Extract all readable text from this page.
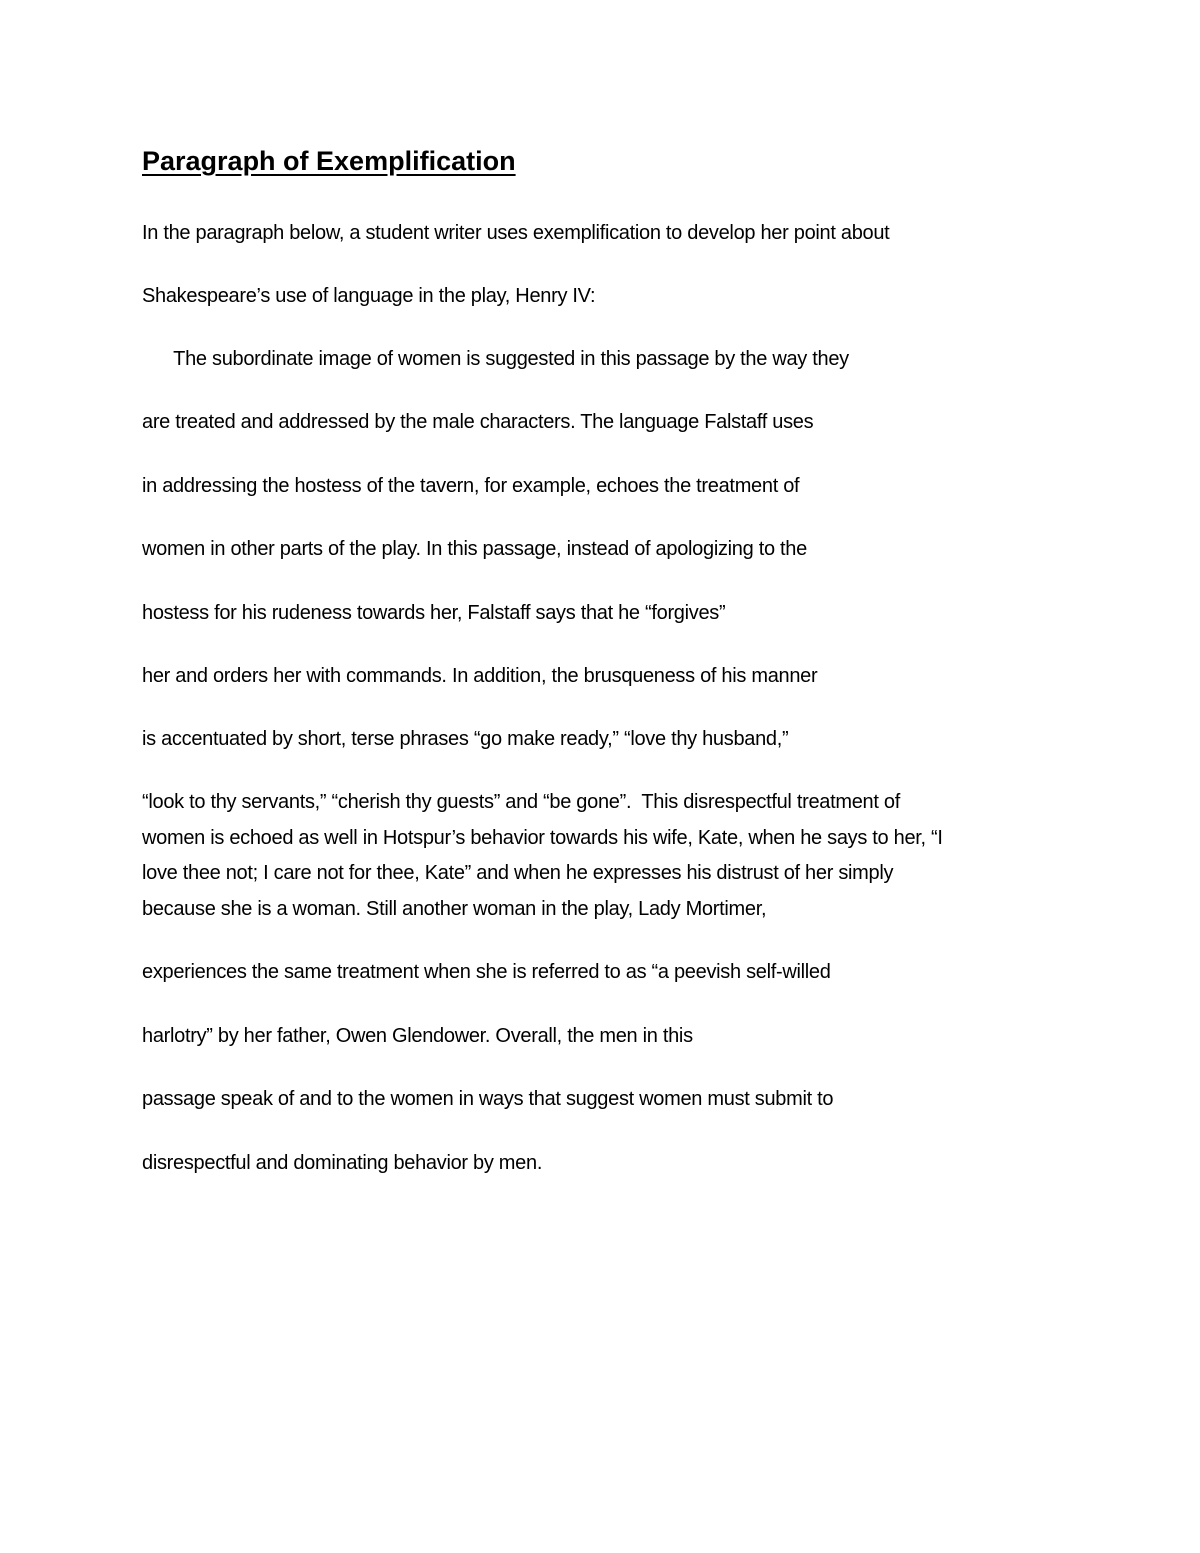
Paragraph of Exemplification

In the paragraph below, a student writer uses exemplification to develop her point about

Shakespeare’s use of language in the play, Henry IV:

The subordinate image of women is suggested in this passage by the way they

are treated and addressed by the male characters. The language Falstaff uses

in addressing the hostess of the tavern, for example, echoes the treatment of

women in other parts of the play. In this passage, instead of apologizing to the

hostess for his rudeness towards her, Falstaff says that he “forgives”

her and orders her with commands. In addition, the brusqueness of his manner

is accentuated by short, terse phrases “go make ready,” “love thy husband,”

“look to thy servants,” “cherish thy guests” and “be gone”.  This disrespectful treatment of

women is echoed as well in Hotspur’s behavior towards his wife, Kate, when he says to her, “I

love thee not; I care not for thee, Kate” and when he expresses his distrust of her simply

because she is a woman. Still another woman in the play, Lady Mortimer,

experiences the same treatment when she is referred to as “a peevish self-willed

harlotry” by her father, Owen Glendower. Overall, the men in this

passage speak of and to the women in ways that suggest women must submit to

disrespectful and dominating behavior by men.
